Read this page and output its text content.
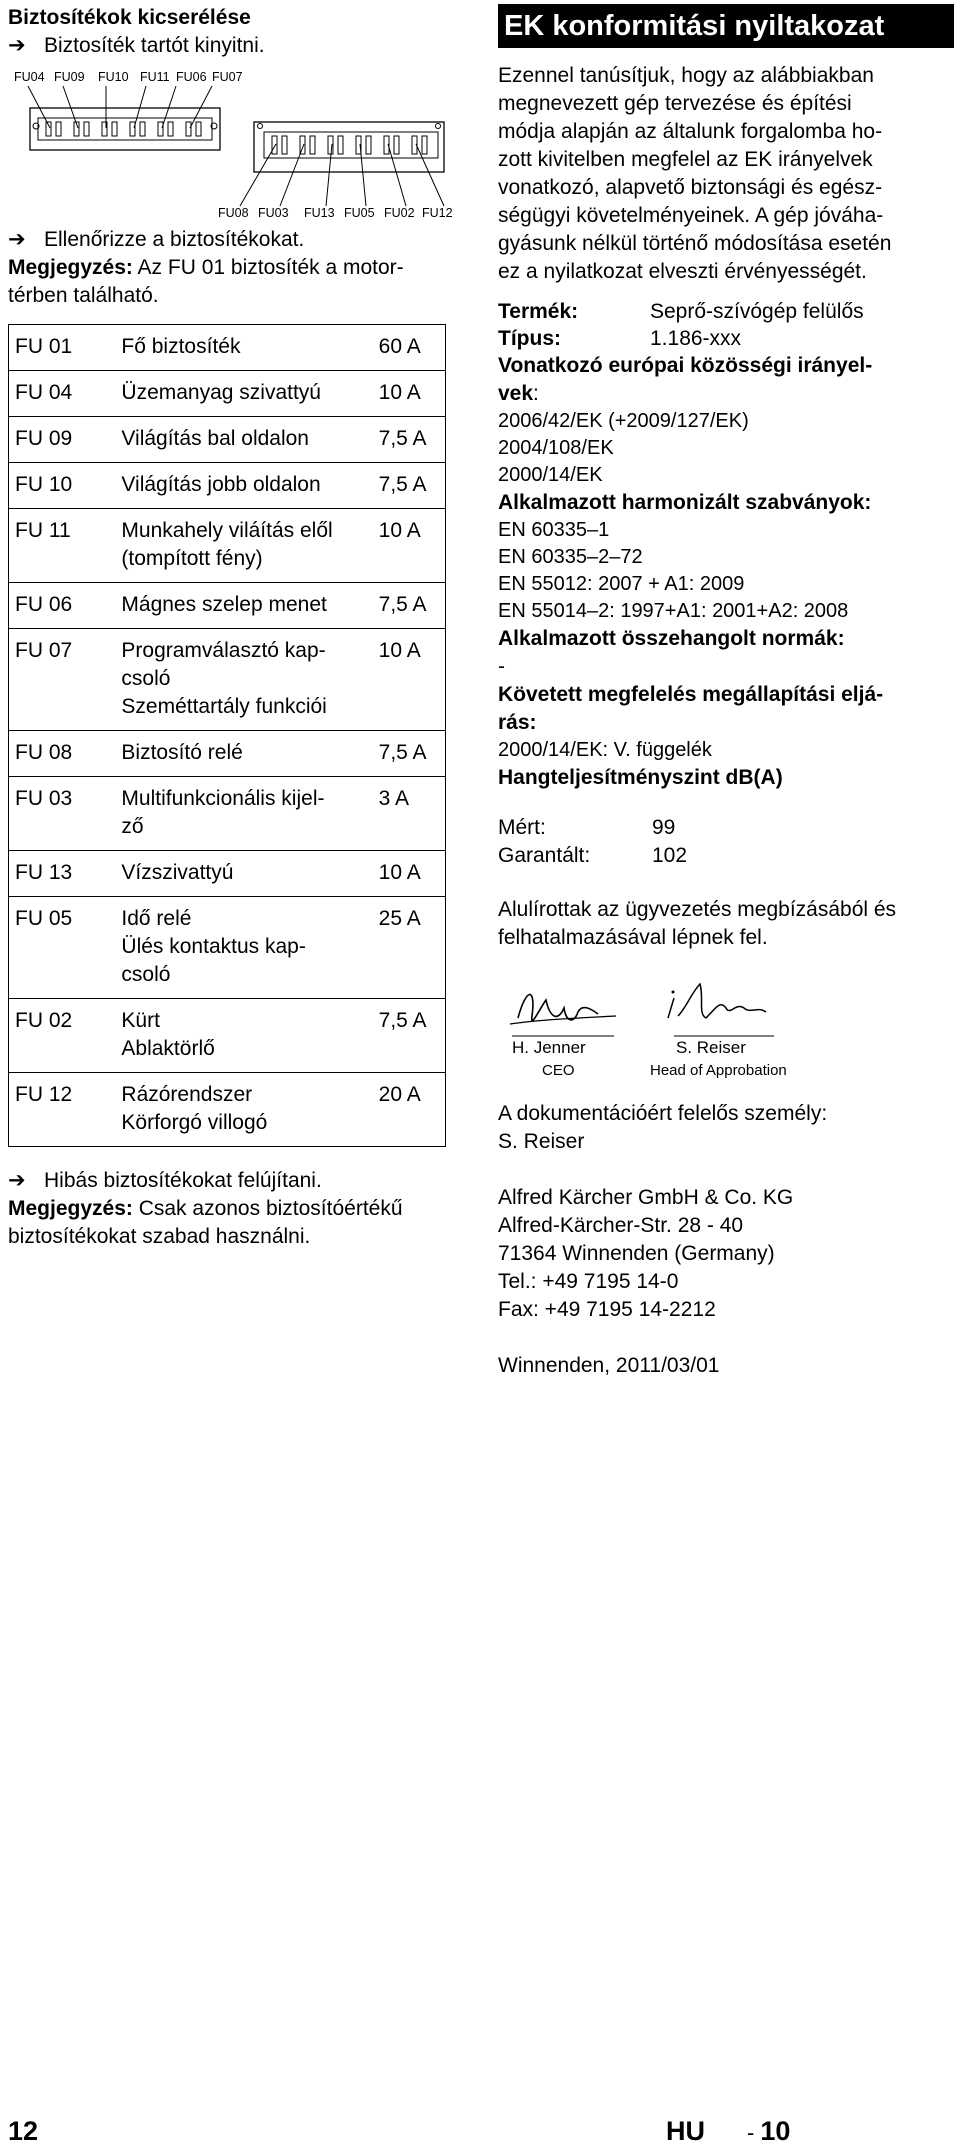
Biztosítékok kicserélése

➔ Biztosíték tartót kinyitni.
FU04 FU09 FU10 FU11 FU06 FU07
FU08 FU03 FU13 FU05 FU02 FU12
➔ Ellenőrizze a biztosítékokat.

Megjegyzés: Az FU 01 biztosíték a motor-
térben található.

FU 01	Fő biztosíték	60 A
FU 04	Üzemanyag szivattyú	10 A
FU 09	Világítás bal oldalon	7,5 A
FU 10	Világítás jobb oldalon	7,5 A
FU 11	Munkahely viláítás elől
(tompított fény)	10 A
FU 06	Mágnes szelep menet	7,5 A
FU 07	Programválasztó kap-
csoló
Szeméttartály funkciói	10 A
FU 08	Biztosító relé	7,5 A
FU 03	Multifunkcionális kijel-
ző	3 A
FU 13	Vízszivattyú	10 A
FU 05	Idő relé
Ülés kontaktus kap-
csoló	25 A
FU 02	Kürt
Ablaktörlő	7,5 A
FU 12	Rázórendszer
Körforgó villogó	20 A
➔ Hibás biztosítékokat felújítani.

Megjegyzés: Csak azonos biztosítóértékű
biztosítékokat szabad használni.

EK konformitási nyiltakozat

Ezennel tanúsítjuk, hogy az alábbiakban
megnevezett gép tervezése és építési
módja alapján az általunk forgalomba ho-
zott kivitelben megfelel az EK irányelvek
vonatkozó, alapvető biztonsági és egész-
ségügyi követelményeinek. A gép jóváha-
gyásunk nélkül történő módosítása esetén
ez a nyilatkozat elveszti érvényességét.

Termék:	Seprő-szívógép felülős
Típus:	1.186-xxx

Vonatkozó európai közösségi irányel-
vek:

2006/42/EK (+2009/127/EK)
2004/108/EK
2000/14/EK

Alkalmazott harmonizált szabványok:

EN 60335–1
EN 60335–2–72
EN 55012: 2007 + A1: 2009
EN 55014–2: 1997+A1: 2001+A2: 2008

Alkalmazott összehangolt normák:

-

Követett megfelelés megállapítási eljá-
rás:

2000/14/EK: V. függelék

Hangteljesítményszint dB(A)

Mért:	99
Garantált:	102

Alulírottak az ügyvezetés megbízásából és
felhatalmazásával lépnek fel.

H. Jenner
CEO
S. Reiser
Head of Approbation

A dokumentációért felelős személy:
S. Reiser

Alfred Kärcher GmbH & Co. KG
Alfred-Kärcher-Str. 28 - 40
71364 Winnenden (Germany)
Tel.: +49 7195 14-0
Fax: +49 7195 14-2212

Winnenden, 2011/03/01

12	HU - 10
